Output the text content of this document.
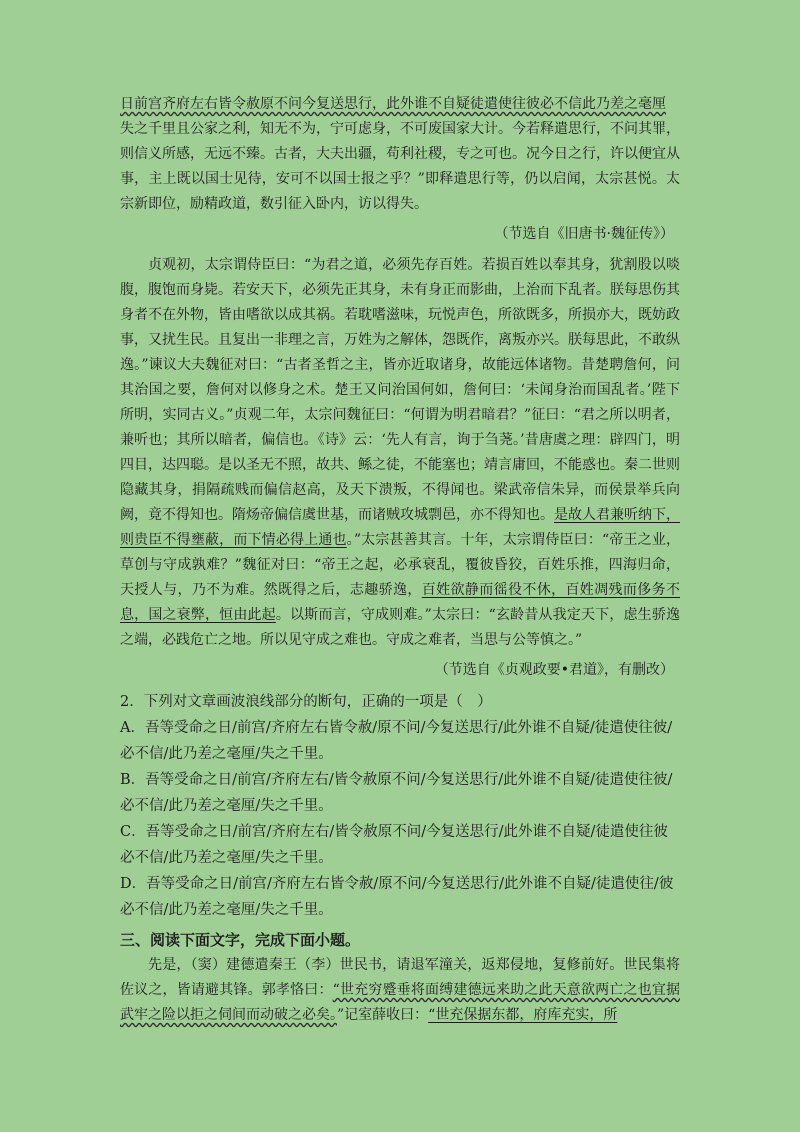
日前宫齐府左右皆令赦原不问今复送思行，此外谁不自疑徒遣使往彼必不信此乃差之毫厘
失之千里且公家之利，知无不为，宁可虑身，不可废国家大计。今若释遣思行，不问其罪，则信义所感，无远不臻。古者，大夫出疆，苟利社稷，专之可也。况今日之行，许以便宜从事，主上既以国士见待，安可不以国士报之乎？”即释遣思行等，仍以启闻，太宗甚悦。太宗新即位，励精政道，数引征入卧内，访以得失。

（节选自《旧唐书·魏征传》）

贞观初，太宗谓侍臣曰：“为君之道，必须先存百姓。若损百姓以奉其身，犹割股以啖腹，腹饱而身毙。若安天下，必须先正其身，未有身正而影曲，上治而下乱者。朕每思伤其身者不在外物，皆由嗜欲以成其祸。若耽嗜滋味，玩悦声色，所欲既多，所损亦大，既妨政事，又扰生民。且复出一非理之言，万姓为之解体，怨既作，离叛亦兴。朕每思此，不敢纵逸。”谏议大夫魏征对曰：“古者圣哲之主，皆亦近取诸身，故能远体诸物。昔楚聘詹何，问其治国之要，詹何对以修身之术。楚王又问治国何如，詹何曰：‘未闻身治而国乱者。’陛下所明，实同古义。”贞观二年，太宗问魏征曰：“何谓为明君暗君？”征曰：“君之所以明者，兼听也；其所以暗者，偏信也。《诗》云：‘先人有言，询于刍荛。’昔唐虞之理：辟四门，明四目，达四聪。是以圣无不照，故共、鲧之徒，不能塞也；靖言庸回，不能惑也。秦二世则隐藏其身，捐隔疏贱而偏信赵高，及天下溃叛，不得闻也。梁武帝信朱异，而侯景举兵向阙，竟不得知也。隋炀帝偏信虞世基，而诸贼攻城剽邑，亦不得知也。是故人君兼听纳下，则贵臣不得壅蔽，而下情必得上通也。”太宗甚善其言。十年，太宗谓侍臣曰：“帝王之业，草创与守成孰难？”魏征对曰：“帝王之起，必承衰乱，覆彼昏狡，百姓乐推，四海归命，天授人与，乃不为难。然既得之后，志趣骄逸，百姓欲静而徭役不休，百姓凋残而侈务不息，国之衰弊，恒由此起。以斯而言，守成则难。”太宗曰：“玄龄昔从我定天下，虑生骄逸之端，必践危亡之地。所以见守成之难也。守成之难者，当思与公等慎之。”

（节选自《贞观政要•君道》，有删改）

2．下列对文章画波浪线部分的断句，正确的一项是（　）

A．吾等受命之日/前宫/齐府左右皆令赦/原不问/今复送思行/此外谁不自疑/徒遣使往彼/必不信/此乃差之毫厘/失之千里。

B．吾等受命之日/前宫/齐府左右/皆令赦原不问/今复送思行/此外谁不自疑/徒遣使往彼/必不信/此乃差之毫厘/失之千里。

C．吾等受命之日/前宫/齐府左右/皆令赦原不问/今复送思行/此外谁不自疑/徒遣使往彼必不信/此乃差之毫厘/失之千里。

D．吾等受命之日/前宫/齐府左右皆令赦/原不问/今复送思行/此外谁不自疑/徒遣使往/彼必不信/此乃差之毫厘/失之千里。

三、阅读下面文字，完成下面小题。

先是，（窦）建德遣秦王（李）世民书，请退军潼关，返郑侵地，复修前好。世民集将佐议之，皆请避其锋。郭孝恪曰：“世充穷蹙垂将面缚建德远来助之此天意欲两亡之也宜据武牢之险以拒之伺间而动破之必矣。”记室薛收曰：“世充保据东都，府库充实，所
